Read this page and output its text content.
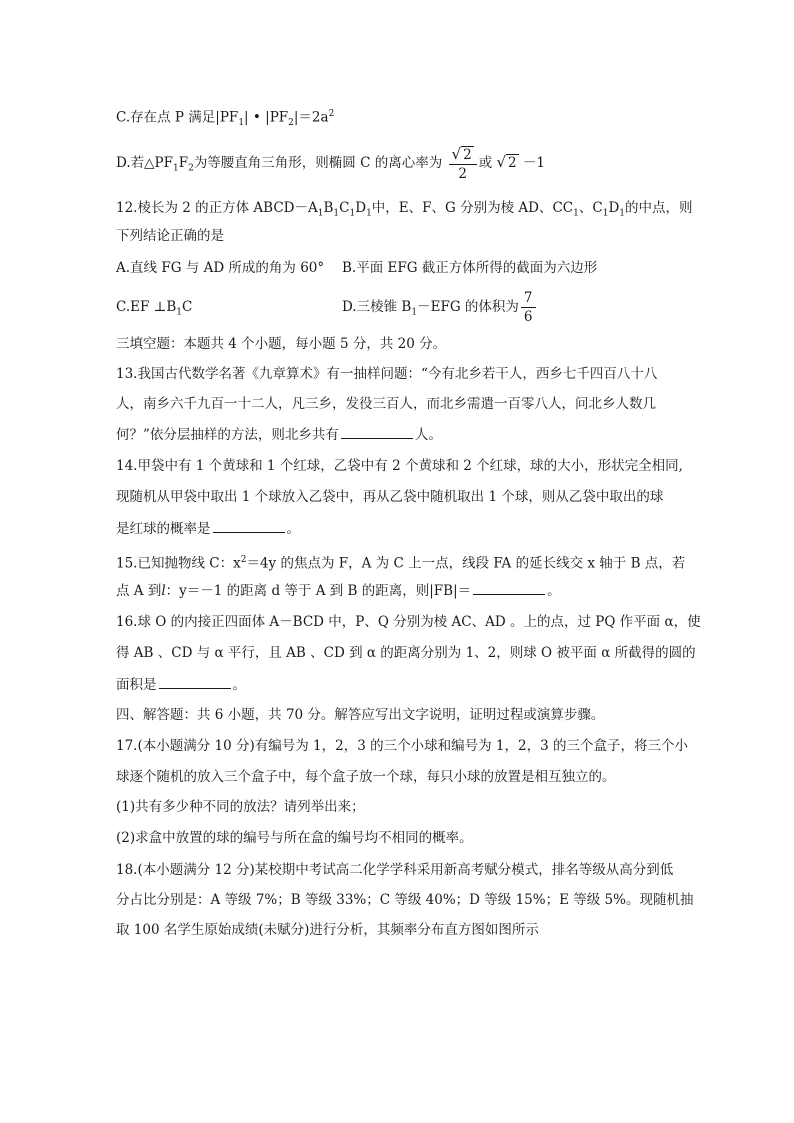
C.存在点 P 满足$|PF_1|$ • $|PF_2|=2a^2$
D.若$\triangle PF_1F_2$为等腰直角三角形，则椭圆 C 的离心率为 $\frac{√ 2}{2}$ 或 √ 2 －1
12.棱长为 2 的正方体 $ABCD-A_1B_1C_1D_1$中，E、F、G 分别为棱 AD、$CC_1$、$C_1D_1$的中点，则
下列结论正确的是
A.直线 FG 与 AD 所成的角为 60° B.平面 EFG 截正方体所得的截面为六边形
C.EF $\perp B_1C$	D.三棱锥 $B_1-EFG$ 的体积为 $\frac{7}{6}$
三填空题：本题共 4 个小题，每小题 5 分，共 20 分。
13.我国古代数学名著《九章算术》有一抽样问题：“今有北乡若干人，西乡七千四百八十八
人，南乡六千九百一十二人，凡三乡，发役三百人，而北乡需遣一百零八人，问北乡人数几
何？”依分层抽样的方法，则北乡共有	人。
14.甲袋中有 1 个黄球和 1 个红球，乙袋中有 2 个黄球和 2 个红球，球的大小，形状完全相同,
现随机从甲袋中取出 1 个球放入乙袋中，再从乙袋中随机取出 1 个球，则从乙袋中取出的球
是红球的概率是	。
15.已知抛物线 C：$x^2=4y$ 的焦点为 F，A 为 C 上一点，线段 FA 的延长线交 x 轴于 B 点，若
点 A 到l：y＝－1 的距离 d 等于 A 到 B 的距离，则|FB|＝	。
16.球 O 的内接正四面体 A－BCD 中，P、Q 分别为棱 AC、AD 。上的点，过 PQ 作平面 α，使
得 AB 、CD 与 α 平行，且 AB 、CD 到 α 的距离分别为 1、2，则球 O 被平面 α 所截得的圆的
面积是	。
四、解答题：共 6 小题，共 70 分。解答应写出文字说明，证明过程或演算步骤。
17.(本小题满分 10 分)有编号为 1，2，3 的三个小球和编号为 1，2，3 的三个盒子，将三个小
球逐个随机的放入三个盒子中，每个盒子放一个球，每只小球的放置是相互独立的。
(1)共有多少种不同的放法？请列举出来；
(2)求盒中放置的球的编号与所在盒的编号均不相同的概率。
18.(本小题满分 12 分)某校期中考试高二化学学科采用新高考赋分模式，排名等级从高分到低
分占比分别是：A 等级 7%；B 等级 33%；C 等级 40%；D 等级 15%；E 等级 5%。现随机抽
取 100 名学生原始成绩(未赋分)进行分析，其频率分布直方图如图所示
